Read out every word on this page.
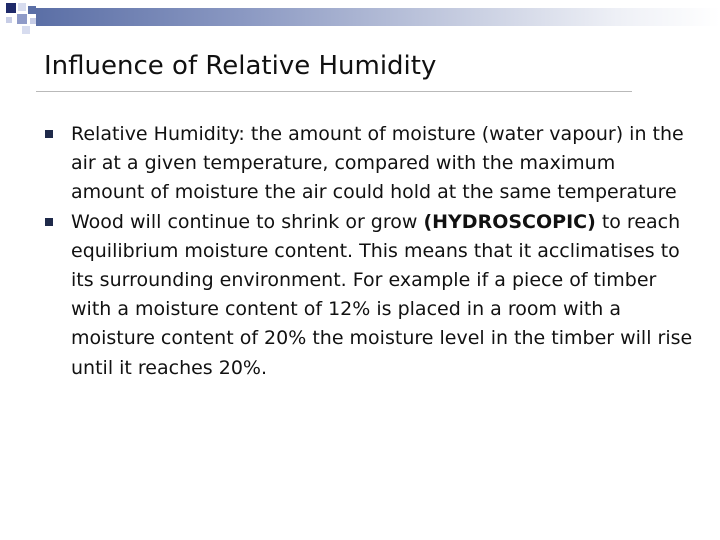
Influence of Relative Humidity
Relative Humidity: the amount of moisture (water vapour) in the air at a given temperature, compared with the maximum amount of moisture the air could hold at the same temperature
Wood will continue to shrink or grow (HYDROSCOPIC) to reach equilibrium moisture content. This means that it acclimatises to its surrounding environment. For example if a piece of timber with a moisture content of 12% is placed in a room with a moisture content of 20% the moisture level in the timber will rise until it reaches 20%.
